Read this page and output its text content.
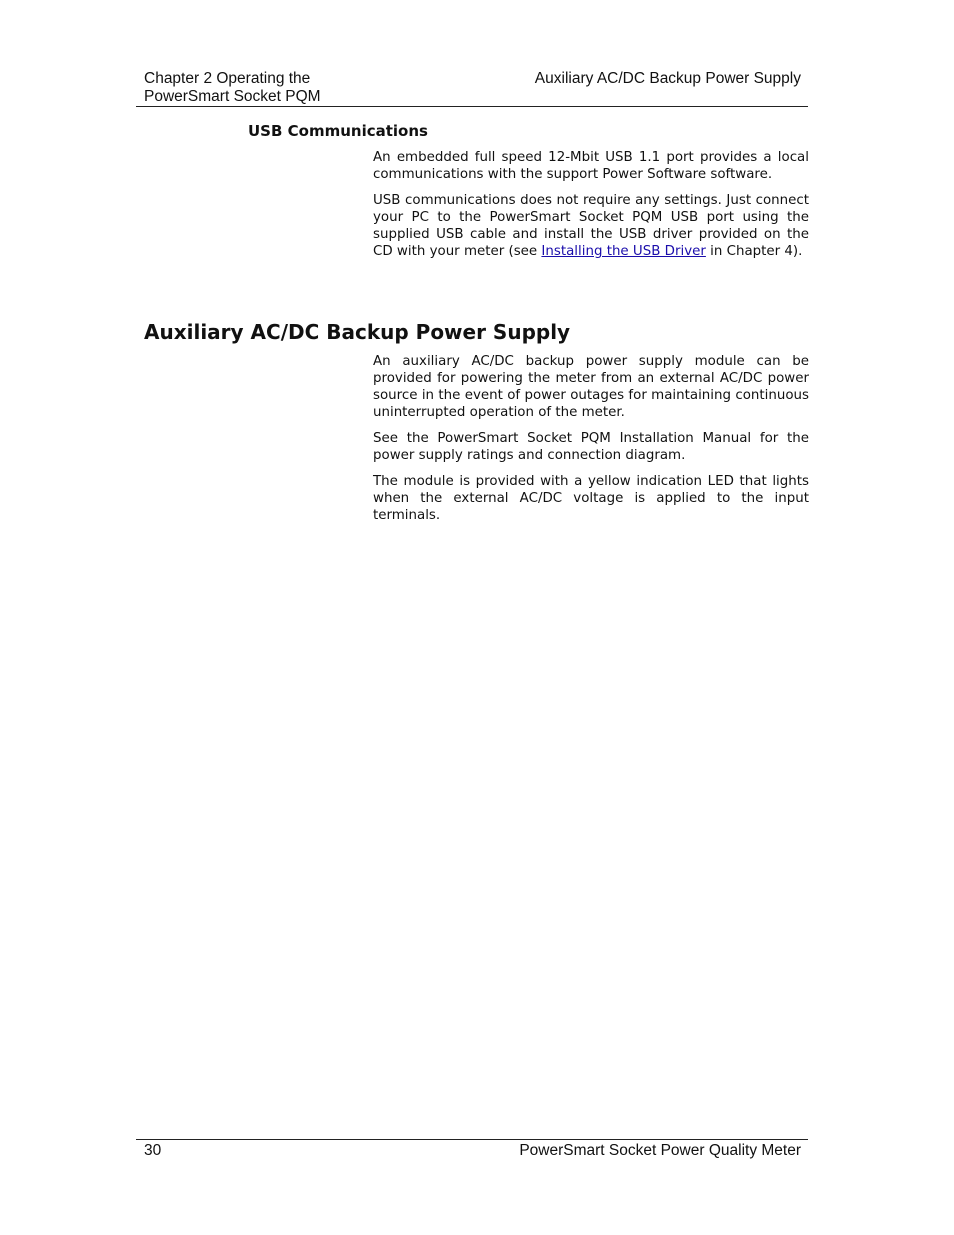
Chapter 2 Operating the
PowerSmart Socket PQM
Auxiliary AC/DC Backup Power Supply
USB Communications

An embedded full speed 12-Mbit USB 1.1 port provides a local communications with the support Power Software software.

USB communications does not require any settings. Just connect your PC to the PowerSmart Socket PQM USB port using the supplied USB cable and install the USB driver provided on the CD with your meter (see Installing the USB Driver in Chapter 4).

Auxiliary AC/DC Backup Power Supply

An auxiliary AC/DC backup power supply module can be provided for powering the meter from an external AC/DC power source in the event of power outages for maintaining continuous uninterrupted operation of the meter.

See the PowerSmart Socket PQM Installation Manual for the power supply ratings and connection diagram.

The module is provided with a yellow indication LED that lights when the external AC/DC voltage is applied to the input terminals.

30	PowerSmart Socket Power Quality Meter
